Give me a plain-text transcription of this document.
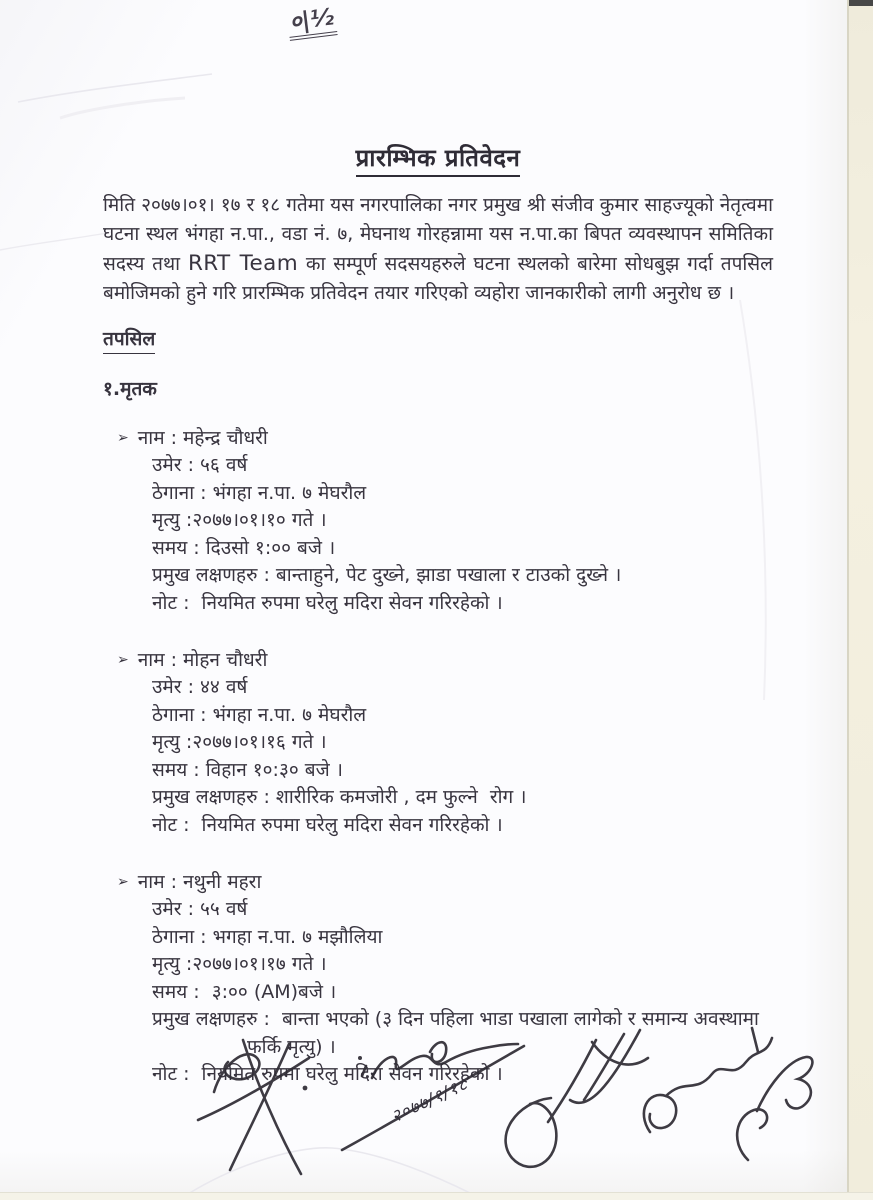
०|½
प्रारम्भिक प्रतिवेदन

मिति २०७७।०१। १७ र १८ गतेमा यस नगरपालिका नगर प्रमुख श्री संजीव कुमार साहज्यूको नेतृत्वमा घटना स्थल भंगहा न.पा., वडा नं. ७, मेघनाथ गोरहन्नामा यस न.पा.का बिपत व्यवस्थापन समितिका सदस्य तथा RRT Team का सम्पूर्ण सदसयहरुले घटना स्थलको बारेमा सोधबुझ गर्दा तपसिल बमोजिमको हुने गरि प्रारम्भिक प्रतिवेदन तयार गरिएको व्यहोरा जानकारीको लागी अनुरोध छ ।

तपसिल
१.मृतक
➢ नाम : महेन्द्र चौधरी
उमेर : ५६ वर्ष
ठेगाना : भंगहा न.पा. ७ मेघरौल
मृत्यु :२०७७।०१।१० गते ।
समय : दिउसो १:०० बजे ।
प्रमुख लक्षणहरु : बान्ताहुने, पेट दुख्ने, झाडा पखाला र टाउको दुख्ने ।
नोट :  नियमित रुपमा घरेलु मदिरा सेवन गरिरहेको ।
➢ नाम : मोहन चौधरी
उमेर : ४४ वर्ष
ठेगाना : भंगहा न.पा. ७ मेघरौल
मृत्यु :२०७७।०१।१६ गते ।
समय : विहान १०:३० बजे ।
प्रमुख लक्षणहरु : शारीरिक कमजोरी , दम फुल्ने  रोग ।
नोट :  नियमित रुपमा घरेलु मदिरा सेवन गरिरहेको ।
➢ नाम : नथुनी महरा
उमेर : ५५ वर्ष
ठेगाना : भगहा न.पा. ७ मझौलिया
मृत्यु :२०७७।०१।१७ गते ।
समय :  ३:०० (AM)बजे ।
प्रमुख लक्षणहरु :  बान्ता भएको (३ दिन पहिला भाडा पखाला लागेको र समान्य अवस्थामा फर्कि मृत्यु) ।
नोट :  नियमित रुपमा घरेलु मदिरा सेवन गरिरहेको ।
२०७७/१/१८
